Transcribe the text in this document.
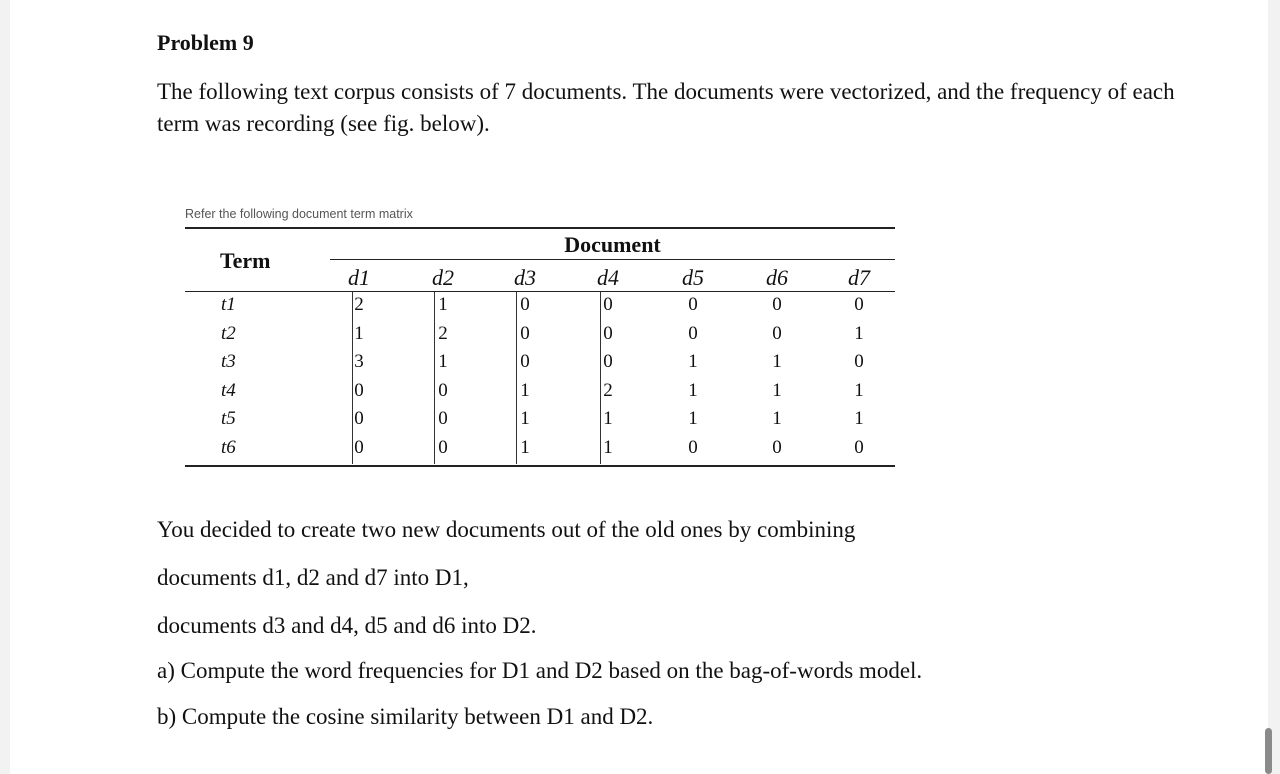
Problem 9
The following text corpus consists of 7 documents. The documents were vectorized, and the frequency of each term was recording (see fig. below).
Refer the following document term matrix
Document
Term
d1	d2	d3	d4	d5	d6	d7
t1	2	1	0	0	0	0	0
t2	1	2	0	0	0	0	1
t3	3	1	0	0	1	1	0
t4	0	0	1	2	1	1	1
t5	0	0	1	1	1	1	1
t6	0	0	1	1	0	0	0
You decided to create two new documents out of the old ones by combining
documents d1, d2 and d7 into D1,
documents d3 and d4, d5 and d6 into D2.
a) Compute the word frequencies for D1 and D2 based on the bag-of-words model.
b) Compute the cosine similarity between D1 and D2.
